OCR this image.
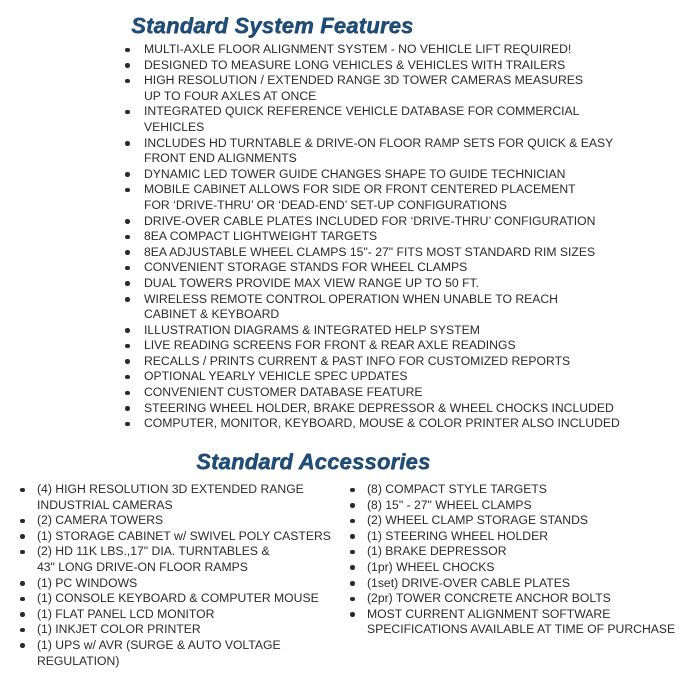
Standard System Features
MULTI-AXLE FLOOR ALIGNMENT SYSTEM - NO VEHICLE LIFT REQUIRED!
DESIGNED TO MEASURE LONG VEHICLES & VEHICLES WITH TRAILERS
HIGH RESOLUTION / EXTENDED RANGE 3D TOWER CAMERAS MEASURES
UP TO FOUR AXLES AT ONCE
INTEGRATED QUICK REFERENCE VEHICLE DATABASE FOR COMMERCIAL
VEHICLES
INCLUDES HD TURNTABLE & DRIVE-ON FLOOR RAMP SETS FOR QUICK & EASY
FRONT END ALIGNMENTS
DYNAMIC LED TOWER GUIDE CHANGES SHAPE TO GUIDE TECHNICIAN
MOBILE CABINET ALLOWS FOR SIDE OR FRONT CENTERED PLACEMENT
FOR ‘DRIVE-THRU’ OR ‘DEAD-END’ SET-UP CONFIGURATIONS
DRIVE-OVER CABLE PLATES INCLUDED FOR ‘DRIVE-THRU’ CONFIGURATION
8EA COMPACT LIGHTWEIGHT TARGETS
8EA ADJUSTABLE WHEEL CLAMPS 15"- 27" FITS MOST STANDARD RIM SIZES
CONVENIENT STORAGE STANDS FOR WHEEL CLAMPS
DUAL TOWERS PROVIDE MAX VIEW RANGE UP TO 50 FT.
WIRELESS REMOTE CONTROL OPERATION WHEN UNABLE TO REACH
CABINET & KEYBOARD
ILLUSTRATION DIAGRAMS & INTEGRATED HELP SYSTEM
LIVE READING SCREENS FOR FRONT & REAR AXLE READINGS
RECALLS / PRINTS CURRENT & PAST INFO FOR CUSTOMIZED REPORTS
OPTIONAL YEARLY VEHICLE SPEC UPDATES
CONVENIENT CUSTOMER DATABASE FEATURE
STEERING WHEEL HOLDER, BRAKE DEPRESSOR & WHEEL CHOCKS INCLUDED
COMPUTER, MONITOR, KEYBOARD, MOUSE & COLOR PRINTER ALSO INCLUDED
Standard Accessories
(4) HIGH RESOLUTION 3D EXTENDED RANGE
INDUSTRIAL CAMERAS
(2) CAMERA TOWERS
(1) STORAGE CABINET w/ SWIVEL POLY CASTERS
(2) HD 11K LBS.,17" DIA. TURNTABLES &
43" LONG DRIVE-ON FLOOR RAMPS
(1) PC WINDOWS
(1) CONSOLE KEYBOARD & COMPUTER MOUSE
(1) FLAT PANEL LCD MONITOR
(1) INKJET COLOR PRINTER
(1) UPS w/ AVR (SURGE & AUTO VOLTAGE
REGULATION)
(8) COMPACT STYLE TARGETS
(8) 15" - 27" WHEEL CLAMPS
(2) WHEEL CLAMP STORAGE STANDS
(1) STEERING WHEEL HOLDER
(1) BRAKE DEPRESSOR
(1pr) WHEEL CHOCKS
(1set) DRIVE-OVER CABLE PLATES
(2pr) TOWER CONCRETE ANCHOR BOLTS
MOST CURRENT ALIGNMENT SOFTWARE
SPECIFICATIONS AVAILABLE AT TIME OF PURCHASE
